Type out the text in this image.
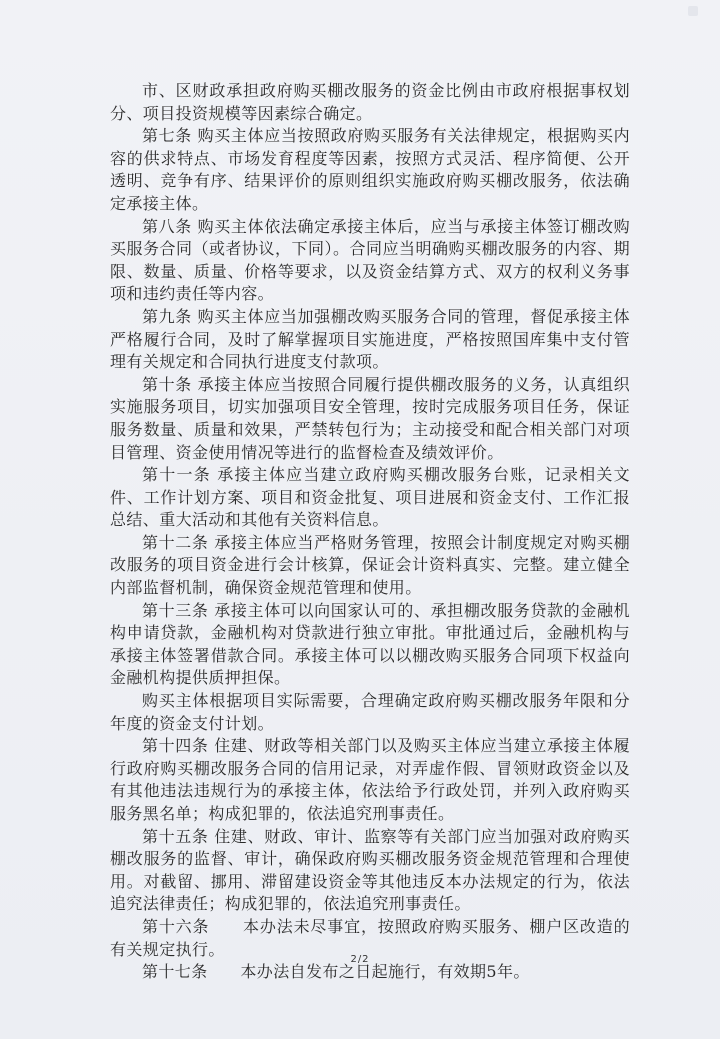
市、区财政承担政府购买棚改服务的资金比例由市政府根据事权划分、项目投资规模等因素综合确定。

第七条 购买主体应当按照政府购买服务有关法律规定，根据购买内容的供求特点、市场发育程度等因素，按照方式灵活、程序简便、公开透明、竞争有序、结果评价的原则组织实施政府购买棚改服务，依法确定承接主体。

第八条 购买主体依法确定承接主体后，应当与承接主体签订棚改购买服务合同（或者协议，下同）。合同应当明确购买棚改服务的内容、期限、数量、质量、价格等要求，以及资金结算方式、双方的权利义务事项和违约责任等内容。

第九条 购买主体应当加强棚改购买服务合同的管理，督促承接主体严格履行合同，及时了解掌握项目实施进度，严格按照国库集中支付管理有关规定和合同执行进度支付款项。

第十条 承接主体应当按照合同履行提供棚改服务的义务，认真组织实施服务项目，切实加强项目安全管理，按时完成服务项目任务，保证服务数量、质量和效果，严禁转包行为；主动接受和配合相关部门对项目管理、资金使用情况等进行的监督检查及绩效评价。

第十一条 承接主体应当建立政府购买棚改服务台账，记录相关文件、工作计划方案、项目和资金批复、项目进展和资金支付、工作汇报总结、重大活动和其他有关资料信息。

第十二条 承接主体应当严格财务管理，按照会计制度规定对购买棚改服务的项目资金进行会计核算，保证会计资料真实、完整。建立健全内部监督机制，确保资金规范管理和使用。

第十三条 承接主体可以向国家认可的、承担棚改服务贷款的金融机构申请贷款，金融机构对贷款进行独立审批。审批通过后，金融机构与承接主体签署借款合同。承接主体可以以棚改购买服务合同项下权益向金融机构提供质押担保。

购买主体根据项目实际需要，合理确定政府购买棚改服务年限和分年度的资金支付计划。

第十四条 住建、财政等相关部门以及购买主体应当建立承接主体履行政府购买棚改服务合同的信用记录，对弄虚作假、冒领财政资金以及有其他违法违规行为的承接主体，依法给予行政处罚，并列入政府购买服务黑名单；构成犯罪的，依法追究刑事责任。

第十五条 住建、财政、审计、监察等有关部门应当加强对政府购买棚改服务的监督、审计，确保政府购买棚改服务资金规范管理和合理使用。对截留、挪用、滞留建设资金等其他违反本办法规定的行为，依法追究法律责任；构成犯罪的，依法追究刑事责任。

第十六条　　本办法未尽事宜，按照政府购买服务、棚户区改造的有关规定执行。

第十七条　　本办法自发布之日起施行，有效期5年。

2/2
